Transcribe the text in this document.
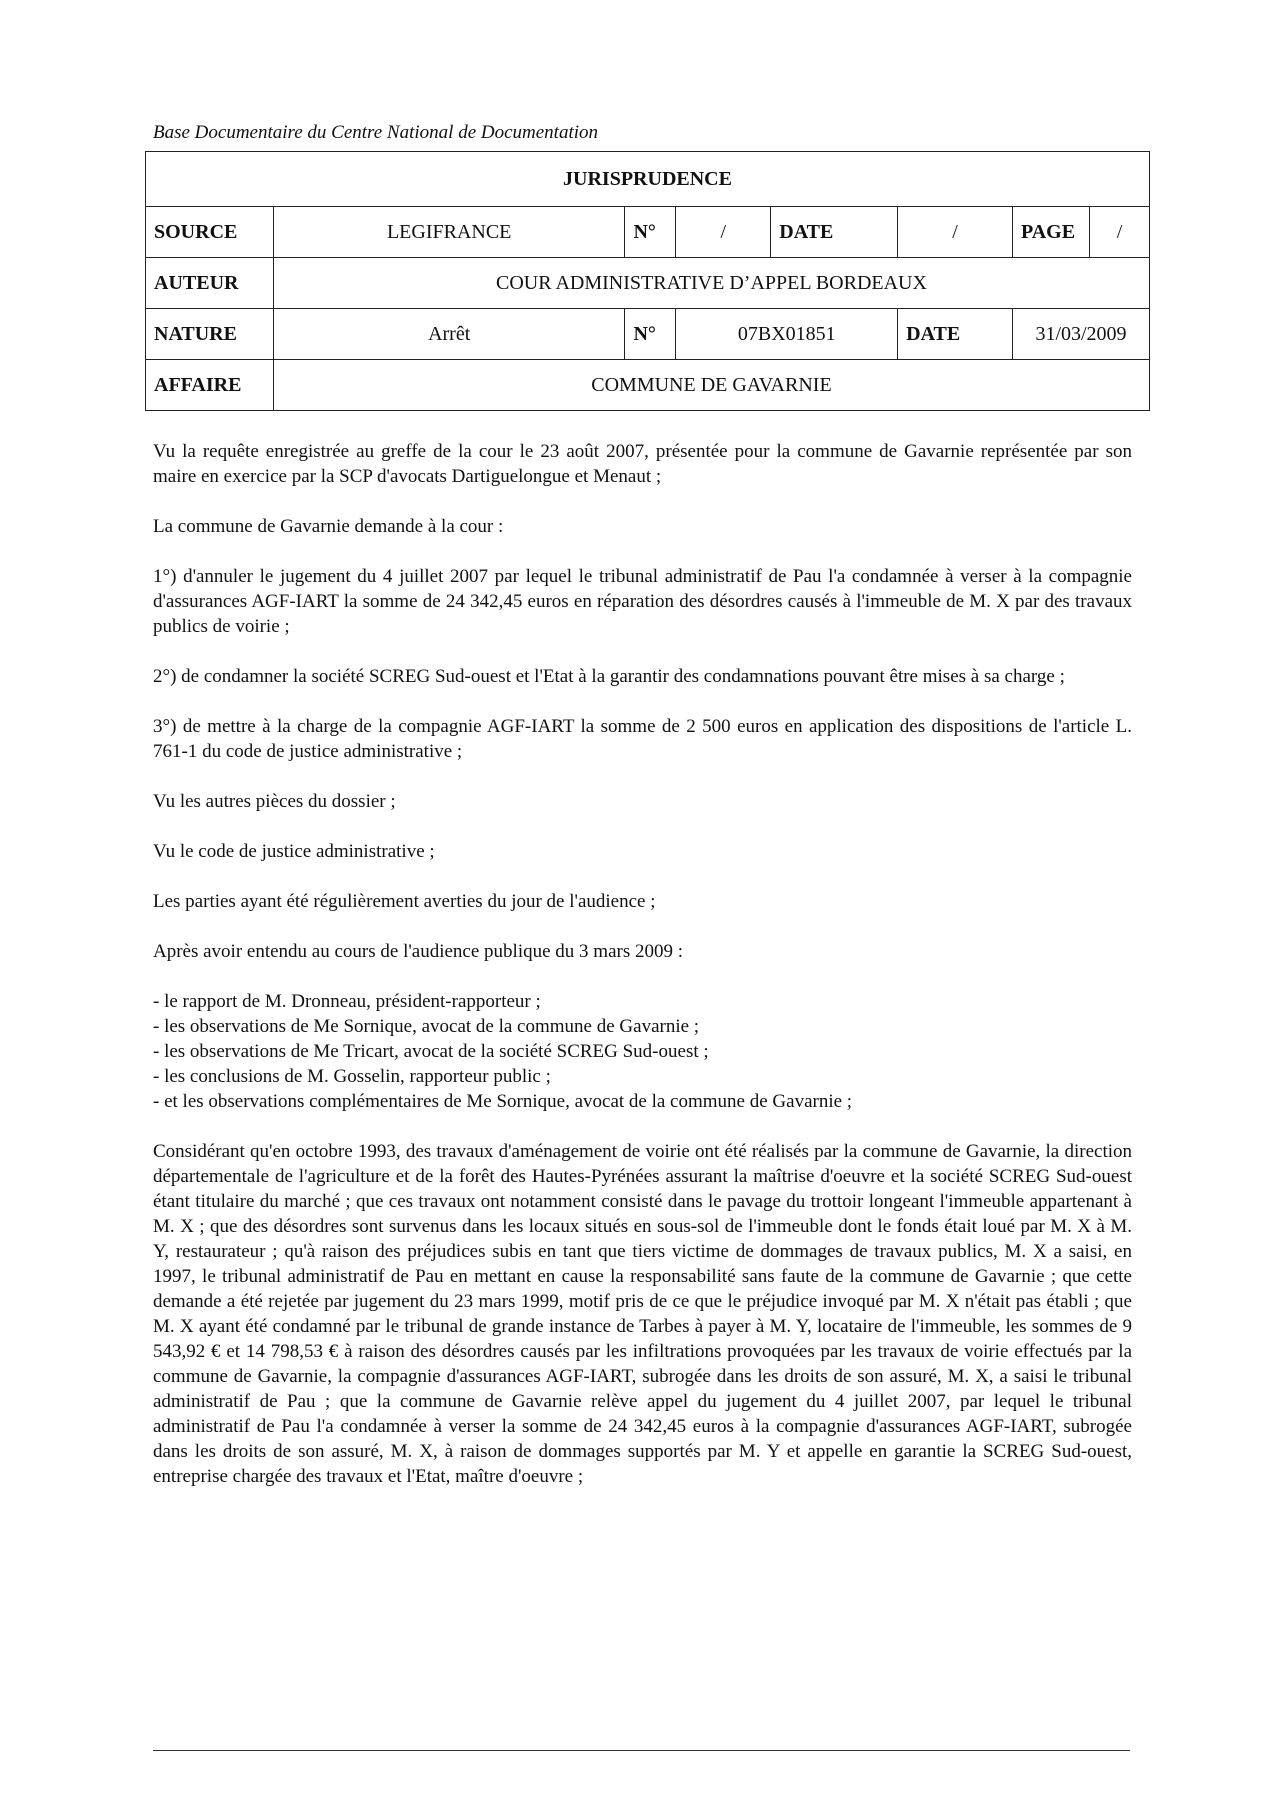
Base Documentaire du Centre National de Documentation
JURISPRUDENCE							
SOURCE	LEGIFRANCE	N°	/	DATE	/	PAGE	/
AUTEUR	COUR ADMINISTRATIVE D’APPEL BORDEAUX						
NATURE	Arrêt	N°	07BX01851		DATE	31/03/2009	
AFFAIRE	COMMUNE DE GAVARNIE						

Vu la requête enregistrée au greffe de la cour le 23 août 2007, présentée pour la commune de Gavarnie représentée par son maire en exercice par la SCP d'avocats Dartiguelongue et Menaut ;

La commune de Gavarnie demande à la cour :

1°) d'annuler le jugement du 4 juillet 2007 par lequel le tribunal administratif de Pau l'a condamnée à verser à la compagnie d'assurances AGF-IART la somme de 24 342,45 euros en réparation des désordres causés à l'immeuble de M. X par des travaux publics de voirie ;

2°) de condamner la société SCREG Sud-ouest et l'Etat à la garantir des condamnations pouvant être mises à sa charge ;

3°) de mettre à la charge de la compagnie AGF-IART la somme de 2 500 euros en application des dispositions de l'article L. 761-1 du code de justice administrative ;

Vu les autres pièces du dossier ;

Vu le code de justice administrative ;

Les parties ayant été régulièrement averties du jour de l'audience ;

Après avoir entendu au cours de l'audience publique du 3 mars 2009 :

- le rapport de M. Dronneau, président-rapporteur ;
- les observations de Me Sornique, avocat de la commune de Gavarnie ;
- les observations de Me Tricart, avocat de la société SCREG Sud-ouest ;
- les conclusions de M. Gosselin, rapporteur public ;
- et les observations complémentaires de Me Sornique, avocat de la commune de Gavarnie ;

Considérant qu'en octobre 1993, des travaux d'aménagement de voirie ont été réalisés par la commune de Gavarnie, la direction départementale de l'agriculture et de la forêt des Hautes-Pyrénées assurant la maîtrise d'oeuvre et la société SCREG Sud-ouest étant titulaire du marché ; que ces travaux ont notamment consisté dans le pavage du trottoir longeant l'immeuble appartenant à M. X ; que des désordres sont survenus dans les locaux situés en sous-sol de l'immeuble dont le fonds était loué par M. X à M. Y, restaurateur ; qu'à raison des préjudices subis en tant que tiers victime de dommages de travaux publics, M. X a saisi, en 1997, le tribunal administratif de Pau en mettant en cause la responsabilité sans faute de la commune de Gavarnie ; que cette demande a été rejetée par jugement du 23 mars 1999, motif pris de ce que le préjudice invoqué par M. X n'était pas établi ; que M. X ayant été condamné par le tribunal de grande instance de Tarbes à payer à M. Y, locataire de l'immeuble, les sommes de 9 543,92 € et 14 798,53 € à raison des désordres causés par les infiltrations provoquées par les travaux de voirie effectués par la commune de Gavarnie, la compagnie d'assurances AGF-IART, subrogée dans les droits de son assuré, M. X, a saisi le tribunal administratif de Pau ; que la commune de Gavarnie relève appel du jugement du 4 juillet 2007, par lequel le tribunal administratif de Pau l'a condamnée à verser la somme de 24 342,45 euros à la compagnie d'assurances AGF-IART, subrogée dans les droits de son assuré, M. X, à raison de dommages supportés par M. Y et appelle en garantie la SCREG Sud-ouest, entreprise chargée des travaux et l'Etat, maître d'oeuvre ;
